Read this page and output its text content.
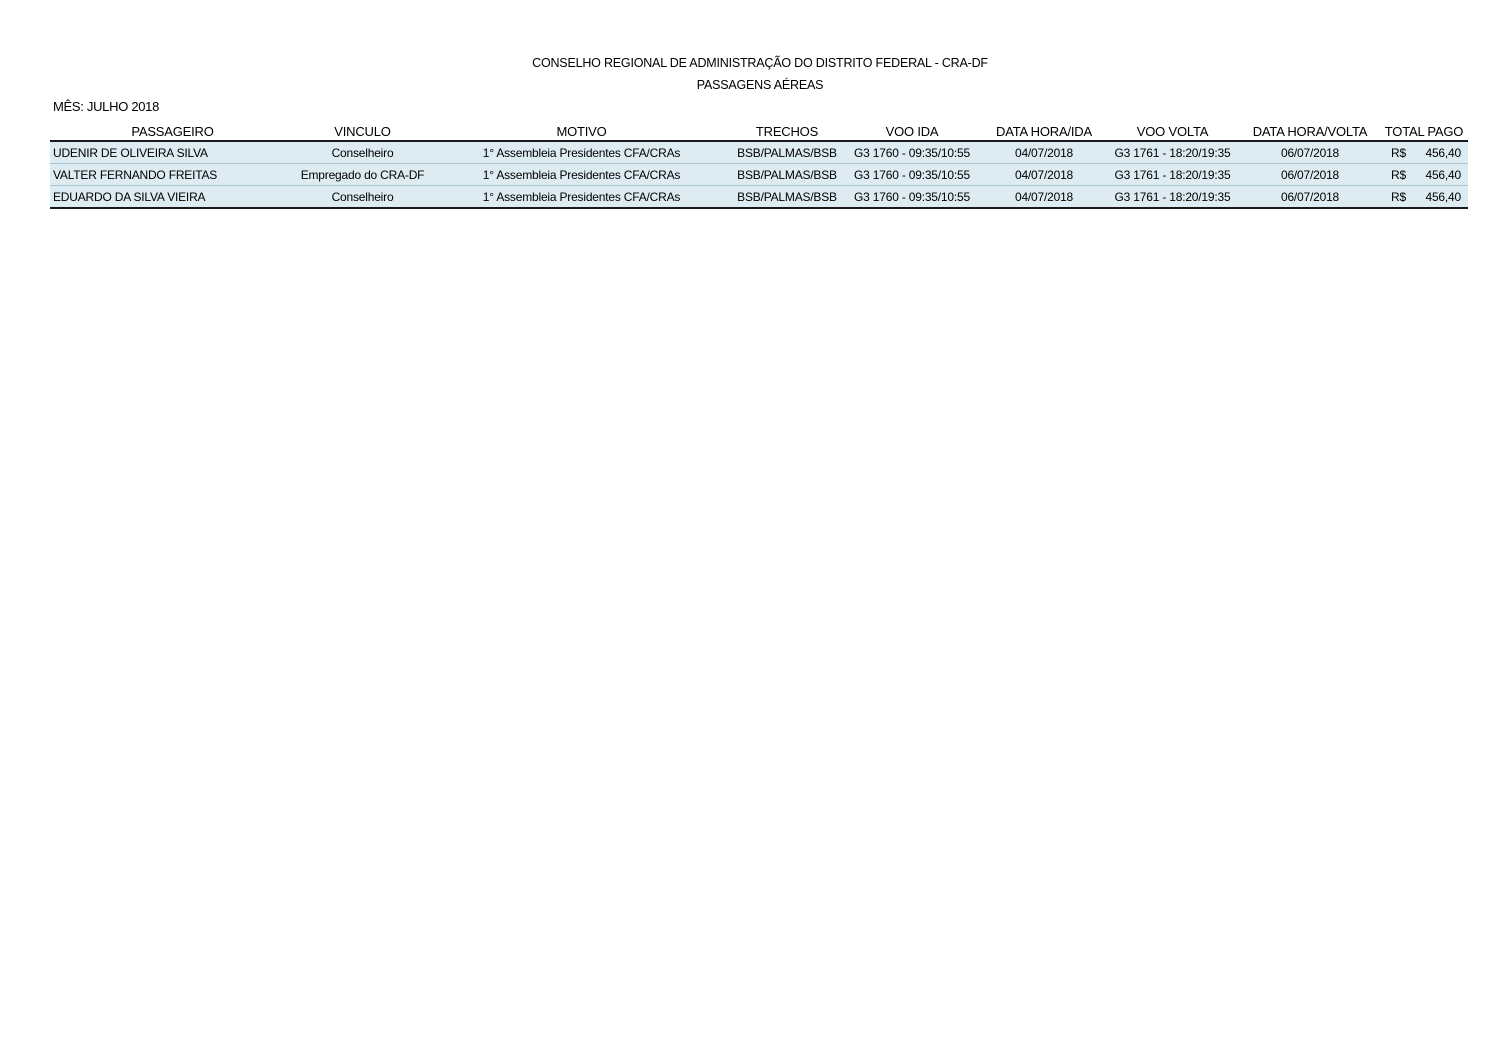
CONSELHO REGIONAL DE ADMINISTRAÇÃO DO DISTRITO FEDERAL - CRA-DF
PASSAGENS AÉREAS
MÊS: JULHO 2018
PASSAGEIRO	VINCULO	MOTIVO	TRECHOS	VOO IDA	DATA HORA/IDA	VOO VOLTA	DATA HORA/VOLTA	TOTAL PAGO
UDENIR DE OLIVEIRA SILVA	Conselheiro	1° Assembleia Presidentes CFA/CRAs	BSB/PALMAS/BSB	G3 1760 - 09:35/10:55	04/07/2018	G3 1761 - 18:20/19:35	06/07/2018	R$ 456,40

VALTER FERNANDO FREITAS	Empregado do CRA-DF	1° Assembleia Presidentes CFA/CRAs	BSB/PALMAS/BSB	G3 1760 - 09:35/10:55	04/07/2018	G3 1761 - 18:20/19:35	06/07/2018	R$ 456,40

EDUARDO DA SILVA VIEIRA	Conselheiro	1° Assembleia Presidentes CFA/CRAs	BSB/PALMAS/BSB	G3 1760 - 09:35/10:55	04/07/2018	G3 1761 - 18:20/19:35	06/07/2018	R$ 456,40
